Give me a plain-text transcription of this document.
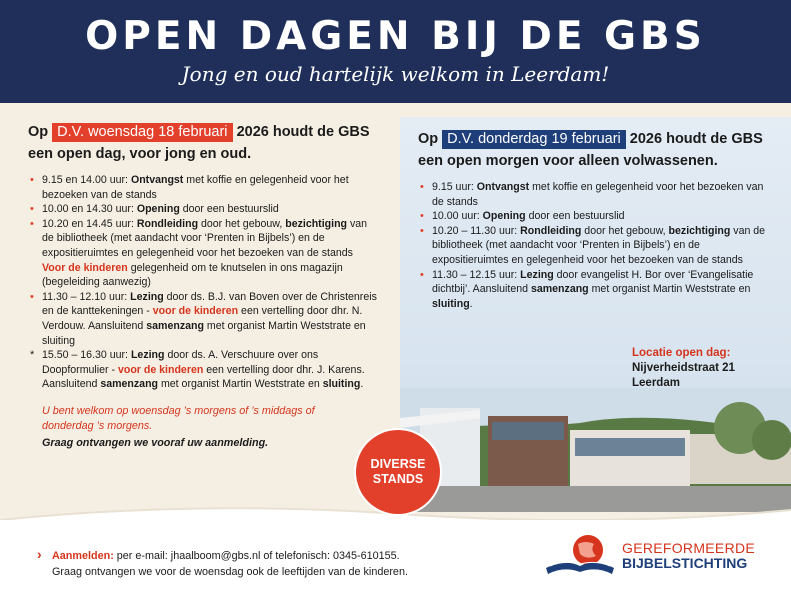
OPEN DAGEN BIJ DE GBS
Jong en oud hartelijk welkom in Leerdam!
Op D.V. woensdag 18 februari 2026 houdt de GBS een open dag, voor jong en oud.
• 9.15 en 14.00 uur: Ontvangst met koffie en gelegenheid voor het bezoeken van de stands
• 10.00 en 14.30 uur: Opening door een bestuurslid
• 10.20 en 14.45 uur: Rondleiding door het gebouw, bezichtiging van de bibliotheek (met aandacht voor ‘Prenten in Bijbels’) en de expositieruimtes en gelegenheid voor het bezoeken van de stands
Voor de kinderen gelegenheid om te knutselen in ons magazijn (begeleiding aanwezig)
• 11.30 – 12.10 uur: Lezing door ds. B.J. van Boven over de Christenreis en de kanttekeningen - voor de kinderen een vertelling door dhr. N. Verdouw. Aansluitend samenzang met organist Martin Weststrate en sluiting
* 15.50 – 16.30 uur: Lezing door ds. A. Verschuure over ons Doopformulier - voor de kinderen een vertelling door dhr. J. Karens. Aansluitend samenzang met organist Martin Weststrate en sluiting.
U bent welkom op woensdag ’s morgens of ’s middags of donderdag ’s morgens.
Graag ontvangen we vooraf uw aanmelding.
Op D.V. donderdag 19 februari 2026 houdt de GBS een open morgen voor alleen volwassenen.
• 9.15 uur: Ontvangst met koffie en gelegenheid voor het bezoeken van de stands
• 10.00 uur: Opening door een bestuurslid
• 10.20 – 11.30 uur: Rondleiding door het gebouw, bezichtiging van de bibliotheek (met aandacht voor ‘Prenten in Bijbels’) en de expositieruimtes en gelegenheid voor het bezoeken van de stands
• 11.30 – 12.15 uur: Lezing door evangelist H. Bor over ‘Evangelisatie dichtbij’. Aansluitend samenzang met organist Martin Weststrate en sluiting.
Locatie open dag:
Nijverheidstraat 21
Leerdam
DIVERSE
STANDS
› Aanmelden: per e-mail: jhaalboom@gbs.nl of telefonisch: 0345-610155.
Graag ontvangen we voor de woensdag ook de leeftijden van de kinderen.
GEREFORMEERDE
BIJBELSTICHTING
